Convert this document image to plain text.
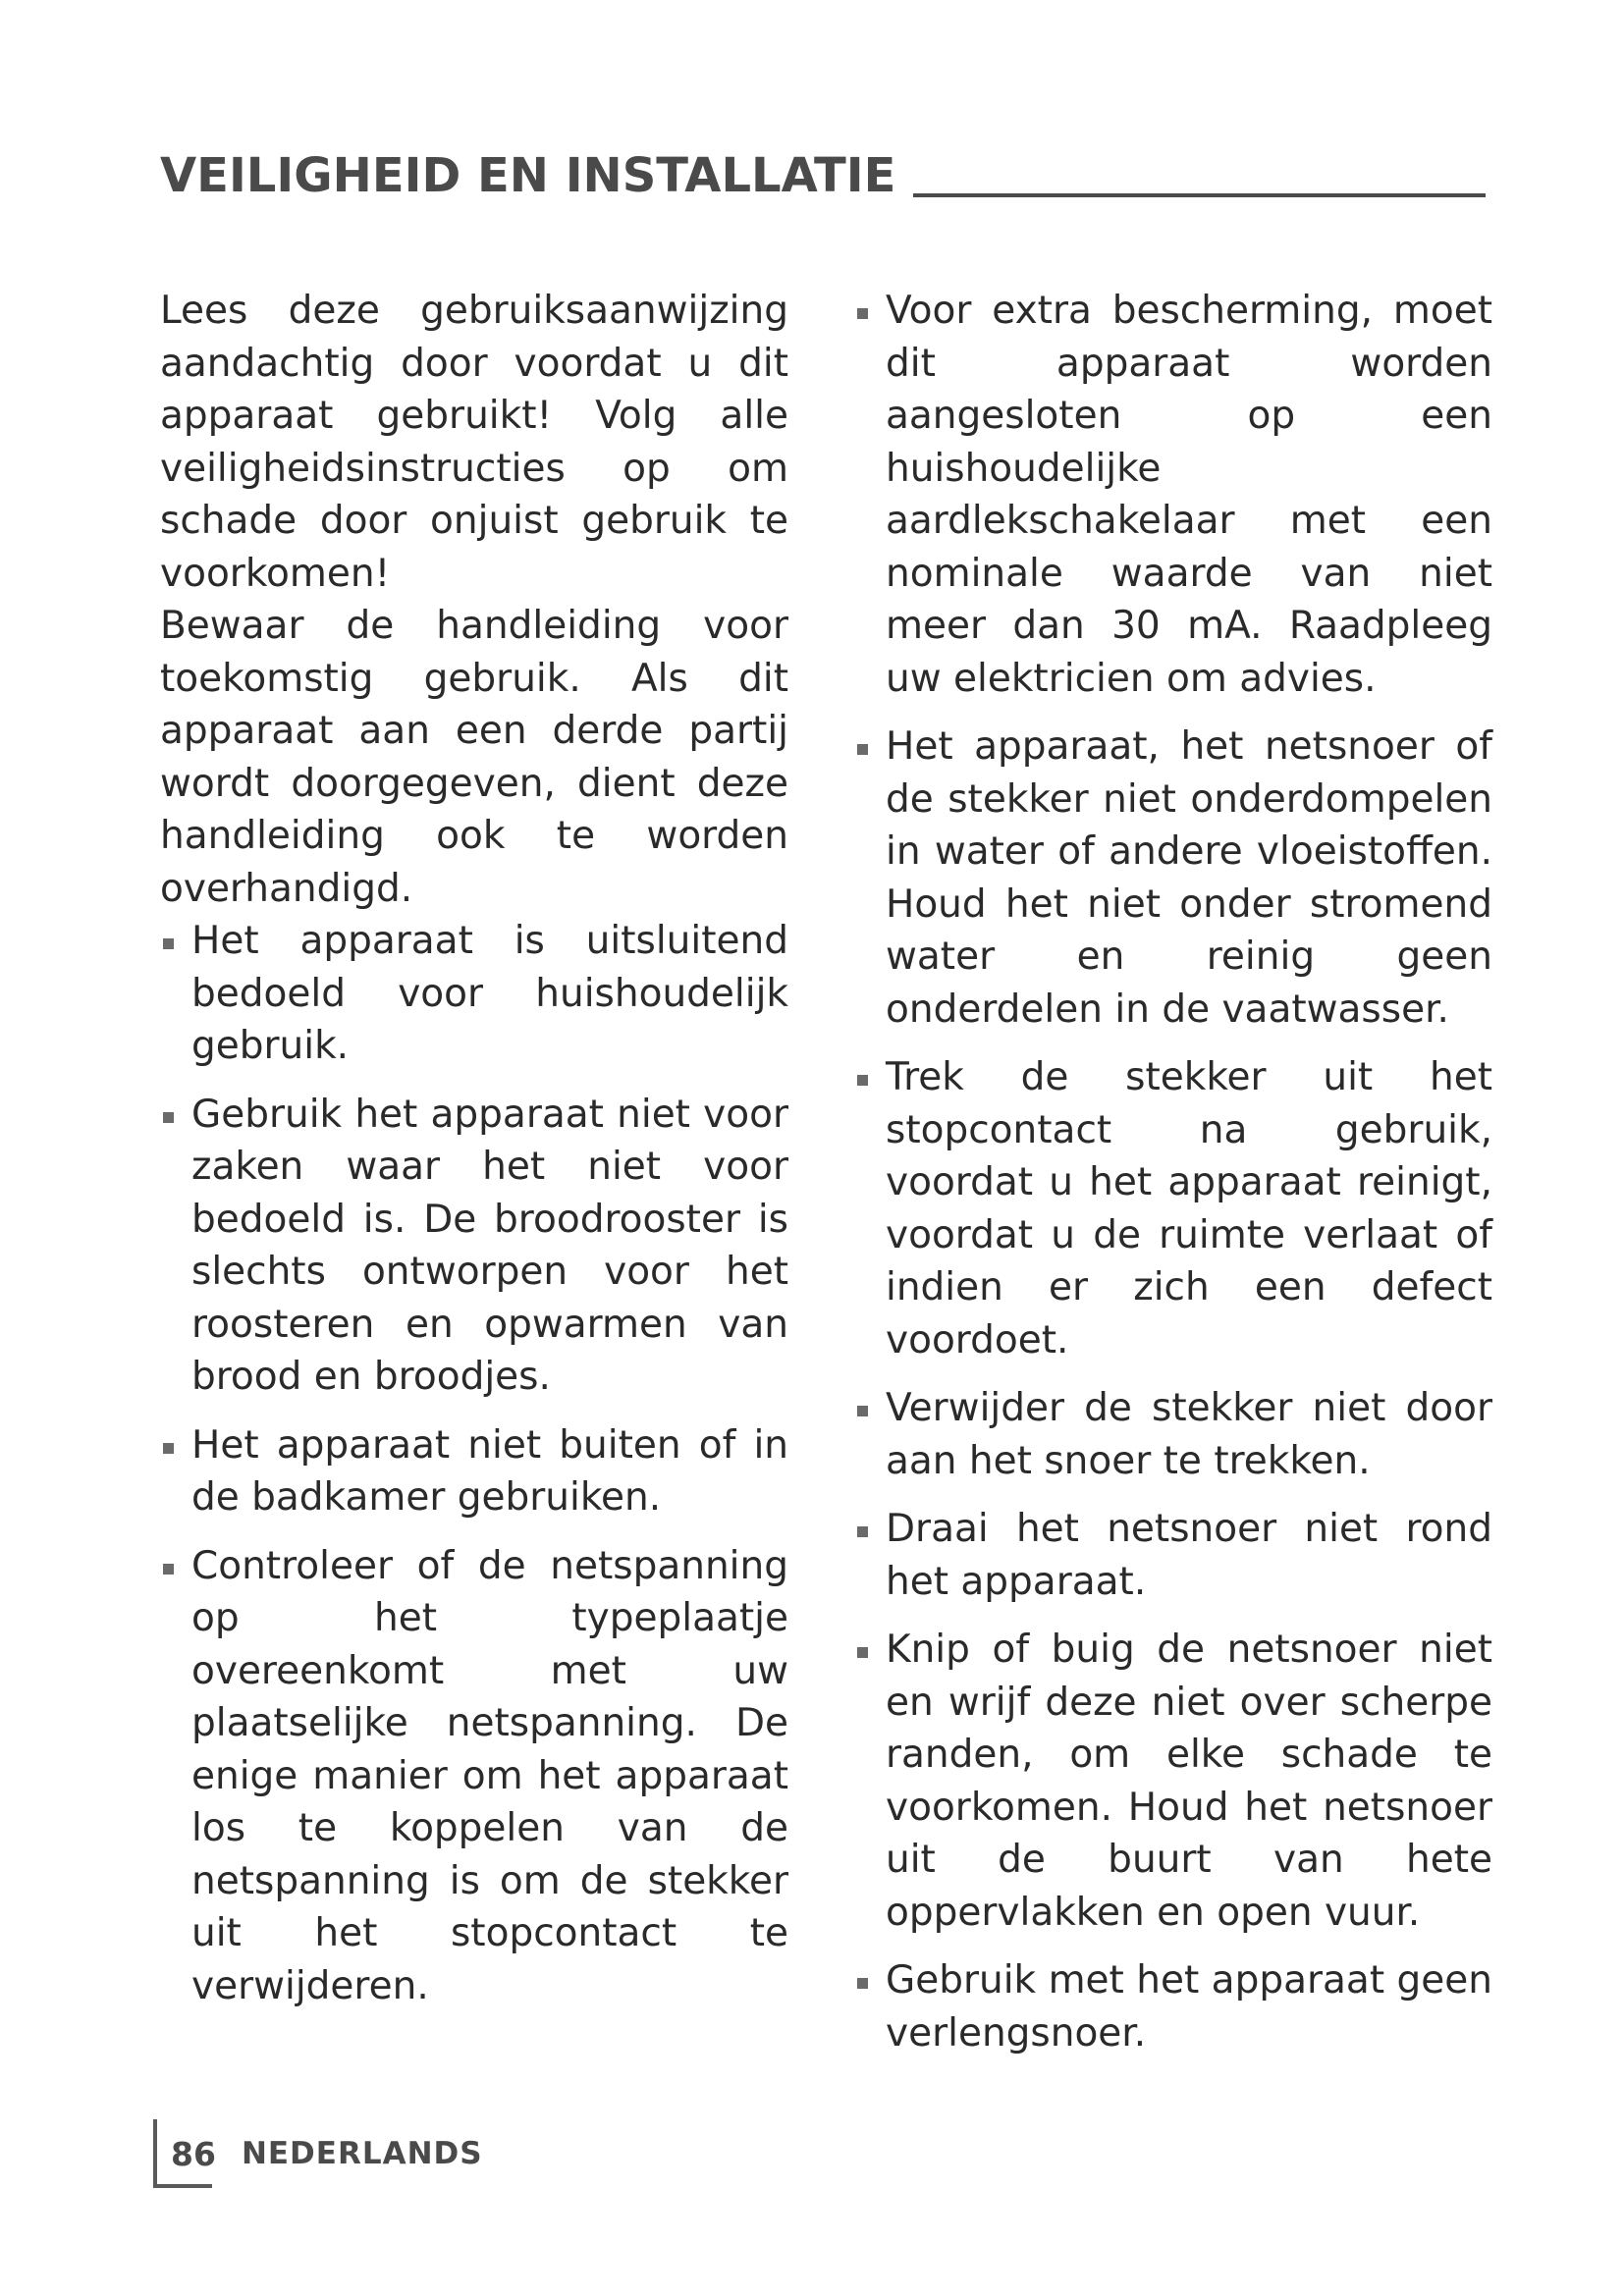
VEILIGHEID EN INSTALLATIE

Lees deze gebruiksaanwijzing aandachtig door voordat u dit apparaat gebruikt! Volg alle veiligheidsinstructies op om schade door onjuist gebruik te voorkomen!

Bewaar de handleiding voor toekomstig gebruik. Als dit apparaat aan een derde partij wordt doorgegeven, dient deze handleiding ook te worden overhandigd.

Het apparaat is uitsluitend bedoeld voor huishoudelijk gebruik.
Gebruik het apparaat niet voor zaken waar het niet voor bedoeld is. De broodrooster is slechts ontworpen voor het roosteren en opwarmen van brood en broodjes.
Het apparaat niet buiten of in de badkamer gebruiken.
Controleer of de netspanning op het typeplaatje overeenkomt met uw plaatselijke netspanning. De enige manier om het apparaat los te koppelen van de netspanning is om de stekker uit het stopcontact te verwijderen.
Voor extra bescherming, moet dit apparaat worden aangesloten op een huishoudelijke aardlekschakelaar met een nominale waarde van niet meer dan 30 mA. Raadpleeg uw elektricien om advies.
Het apparaat, het netsnoer of de stekker niet onderdompelen in water of andere vloeistoffen. Houd het niet onder stromend water en reinig geen onderdelen in de vaatwasser.
Trek de stekker uit het stopcontact na gebruik, voordat u het apparaat reinigt, voordat u de ruimte verlaat of indien er zich een defect voordoet.
Verwijder de stekker niet door aan het snoer te trekken.
Draai het netsnoer niet rond het apparaat.
Knip of buig de netsnoer niet en wrijf deze niet over scherpe randen, om elke schade te voorkomen. Houd het netsnoer uit de buurt van hete oppervlakken en open vuur.
Gebruik met het apparaat geen verlengsnoer.
86 NEDERLANDS
